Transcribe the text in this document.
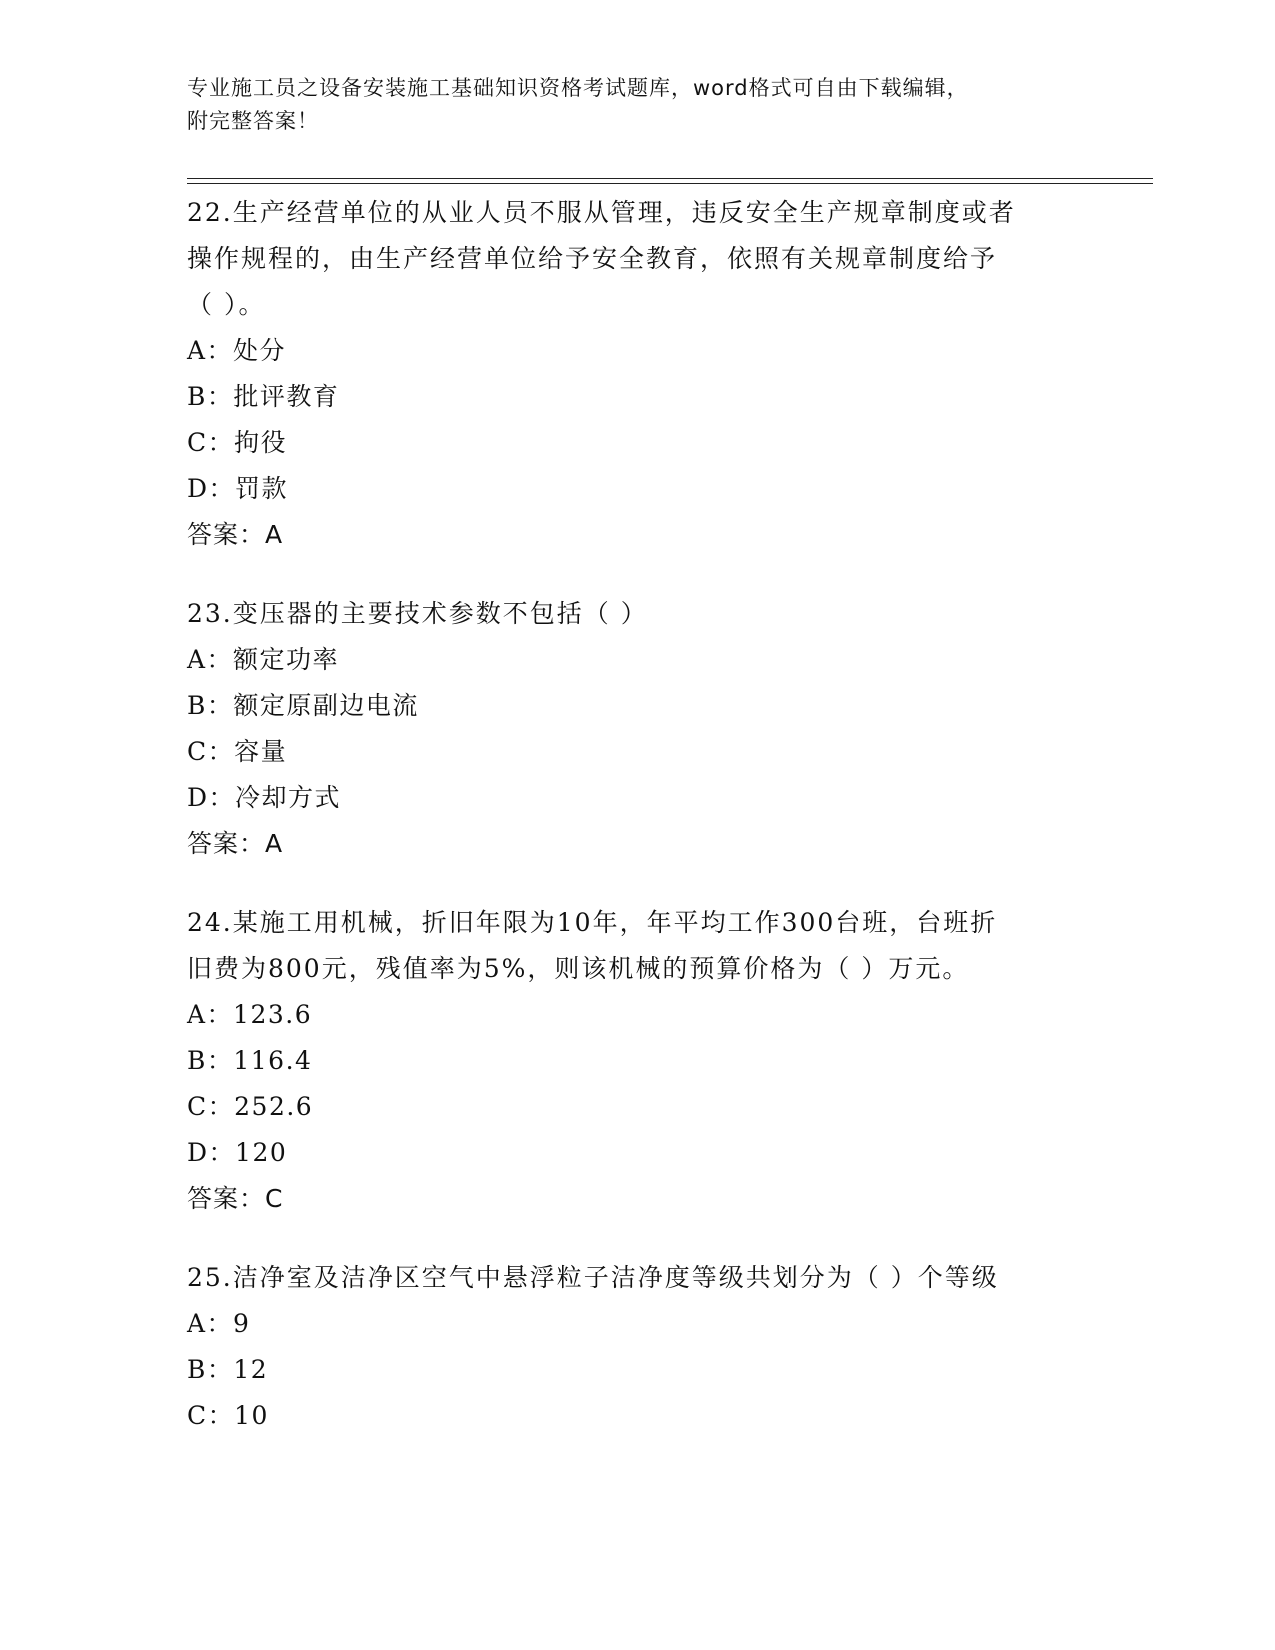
专业施工员之设备安装施工基础知识资格考试题库，word格式可自由下载编辑，
附完整答案！

22.生产经营单位的从业人员不服从管理，违反安全生产规章制度或者

操作规程的，由生产经营单位给予安全教育，依照有关规章制度给予

（ ）。

A：处分

B：批评教育

C：拘役

D：罚款

答案：A

23.变压器的主要技术参数不包括（ ）

A：额定功率

B：额定原副边电流

C：容量

D：冷却方式

答案：A

24.某施工用机械，折旧年限为10年，年平均工作300台班，台班折

旧费为800元，残值率为5%，则该机械的预算价格为（ ）万元。

A：123.6

B：116.4

C：252.6

D：120

答案：C

25.洁净室及洁净区空气中悬浮粒子洁净度等级共划分为（ ）个等级

A：9

B：12

C：10
